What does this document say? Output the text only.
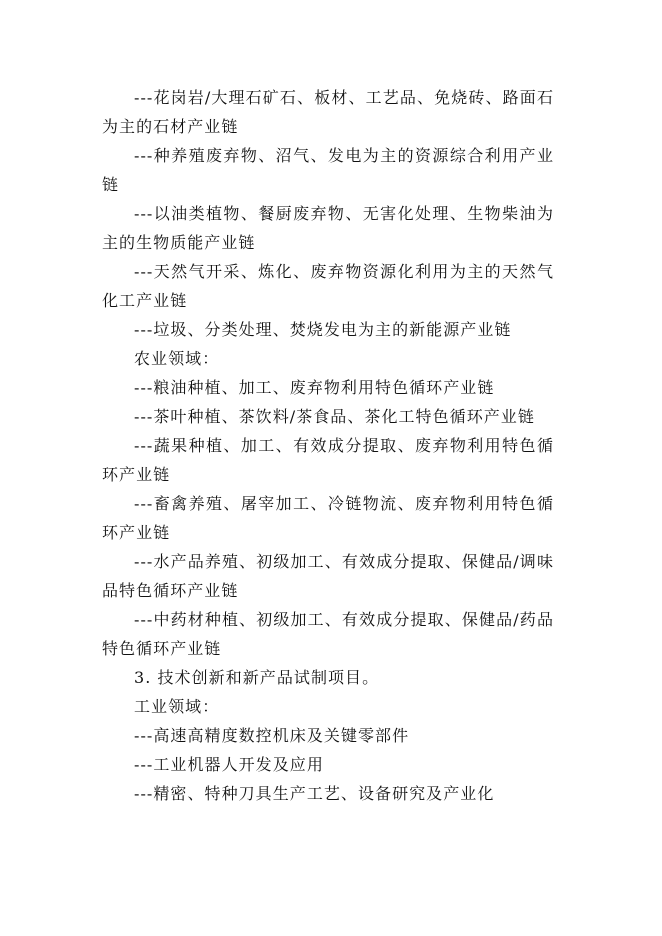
---花岗岩/大理石矿石、板材、工艺品、免烧砖、路面石为主的石材产业链

---种养殖废弃物、沼气、发电为主的资源综合利用产业链

---以油类植物、餐厨废弃物、无害化处理、生物柴油为主的生物质能产业链

---天然气开采、炼化、废弃物资源化利用为主的天然气化工产业链

---垃圾、分类处理、焚烧发电为主的新能源产业链

农业领域：

---粮油种植、加工、废弃物利用特色循环产业链

---茶叶种植、茶饮料/茶食品、茶化工特色循环产业链

---蔬果种植、加工、有效成分提取、废弃物利用特色循环产业链

---畜禽养殖、屠宰加工、冷链物流、废弃物利用特色循环产业链

---水产品养殖、初级加工、有效成分提取、保健品/调味品特色循环产业链

---中药材种植、初级加工、有效成分提取、保健品/药品特色循环产业链

3. 技术创新和新产品试制项目。

工业领域：

---高速高精度数控机床及关键零部件

---工业机器人开发及应用

---精密、特种刀具生产工艺、设备研究及产业化
